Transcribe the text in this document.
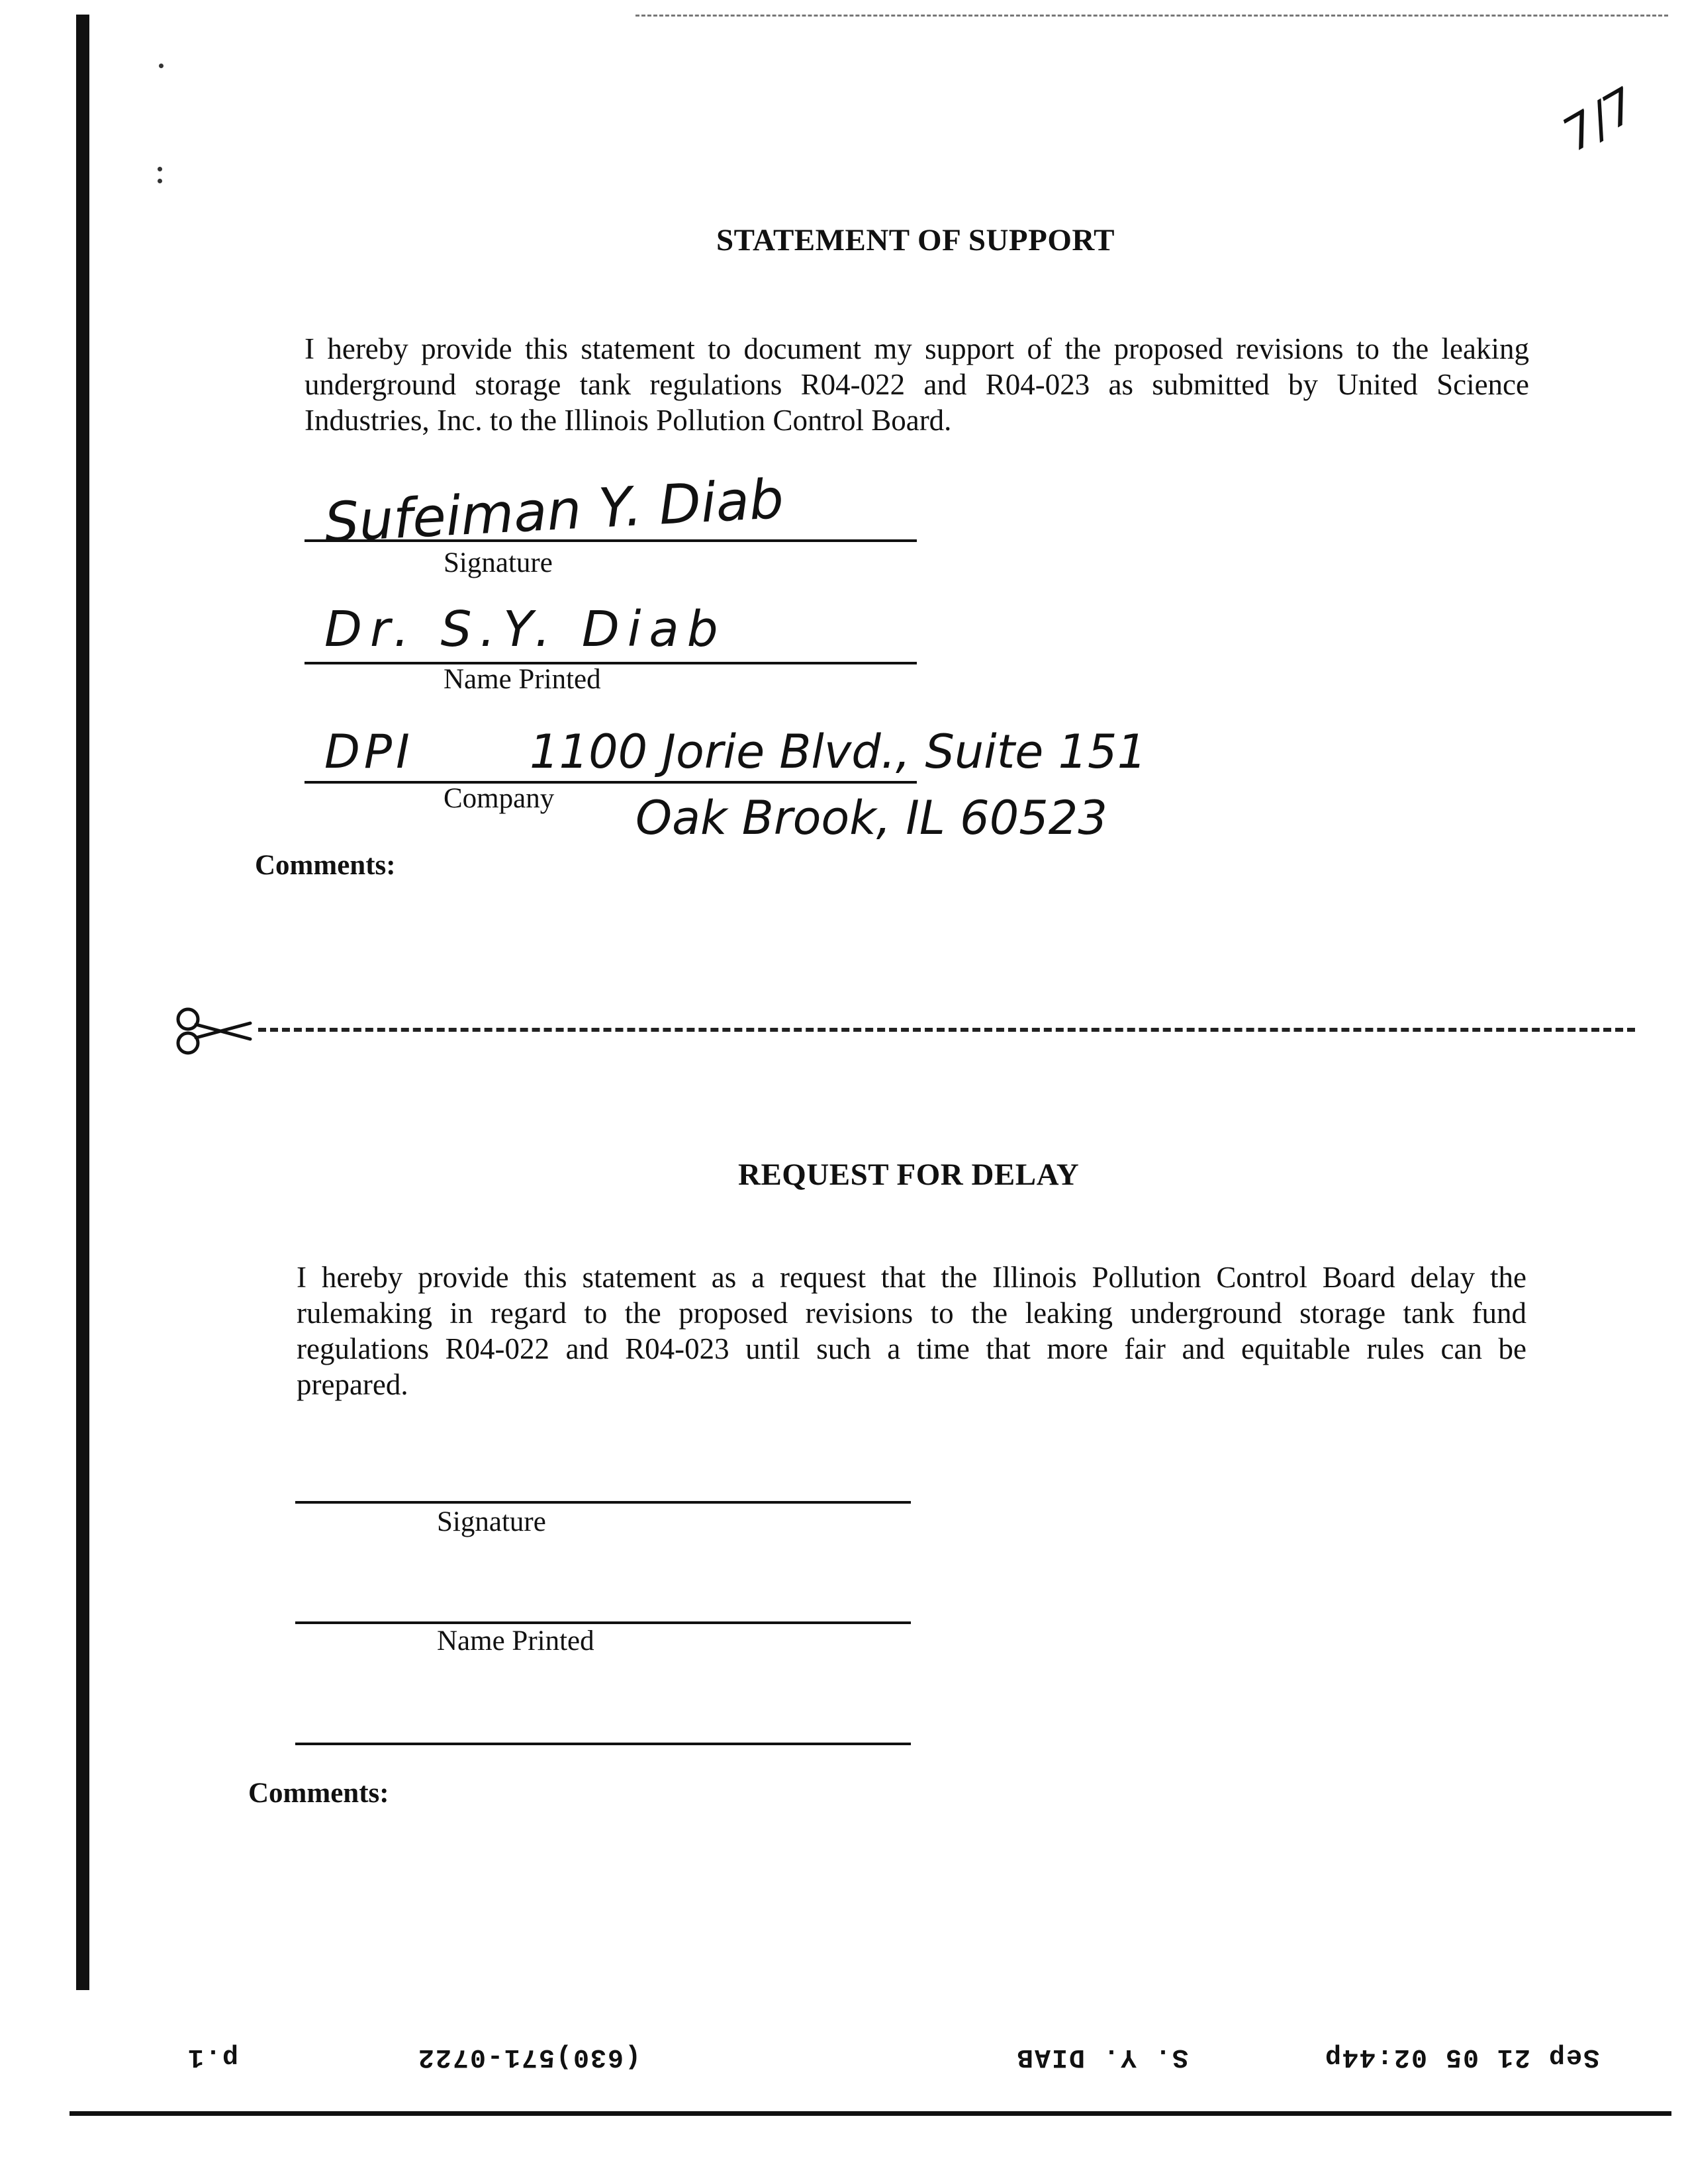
7/7
STATEMENT OF SUPPORT
I hereby provide this statement to document my support of the proposed revisions to the leaking
underground storage tank regulations R04-022 and R04-023 as submitted by United Science
Industries, Inc. to the Illinois Pollution Control Board.
Sufeiman Y. Diab
Signature
Dr. S.Y. Diab
Name Printed
DPI	1100 Jorie Blvd., Suite 151
Company Oak Brook, IL 60523
Comments:
REQUEST FOR DELAY
I hereby provide this statement as a request that the Illinois Pollution Control Board delay the
rulemaking in regard to the proposed revisions to the leaking underground storage tank fund
regulations R04-022 and R04-023 until such a time that more fair and equitable rules can be
prepared.
Signature
Name Printed
Comments:
Sep 21 05 02:44p
S. Y. DIAB
(630)571-0722
p.1
